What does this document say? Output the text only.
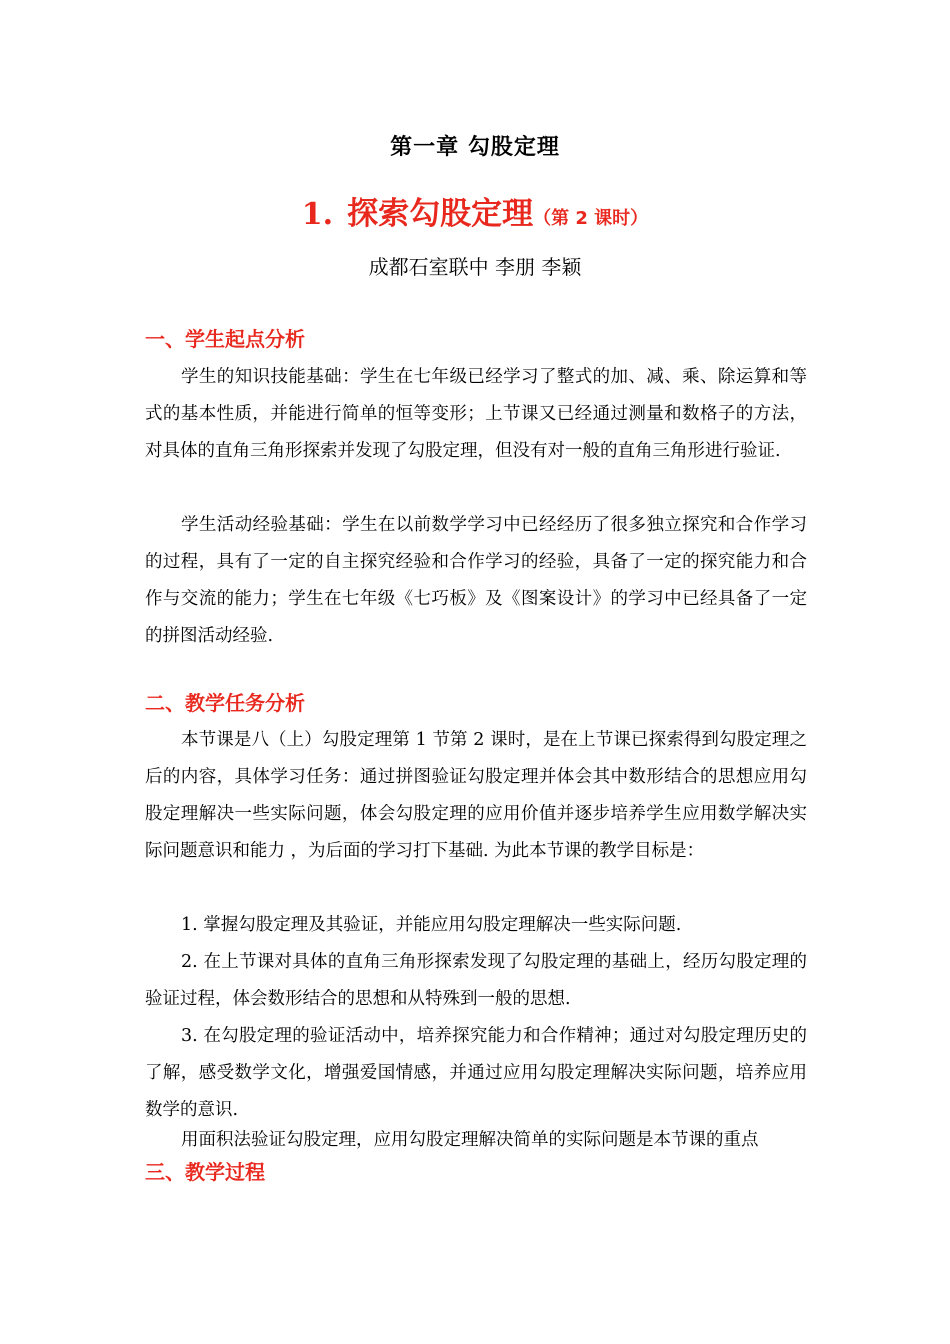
第一章 勾股定理
1. 探索勾股定理（第 2 课时）
成都石室联中 李朋 李颖
一、学生起点分析

学生的知识技能基础：学生在七年级已经学习了整式的加、减、乘、除运算和等式的基本性质，并能进行简单的恒等变形；上节课又已经通过测量和数格子的方法，对具体的直角三角形探索并发现了勾股定理，但没有对一般的直角三角形进行验证.

学生活动经验基础：学生在以前数学学习中已经经历了很多独立探究和合作学习的过程，具有了一定的自主探究经验和合作学习的经验，具备了一定的探究能力和合作与交流的能力；学生在七年级《七巧板》及《图案设计》的学习中已经具备了一定的拼图活动经验.

二、教学任务分析

本节课是八（上）勾股定理第 1 节第 2 课时，是在上节课已探索得到勾股定理之后的内容，具体学习任务：通过拼图验证勾股定理并体会其中数形结合的思想应用勾股定理解决一些实际问题，体会勾股定理的应用价值并逐步培养学生应用数学解决实际问题意识和能力 ，为后面的学习打下基础. 为此本节课的教学目标是：

1. 掌握勾股定理及其验证，并能应用勾股定理解决一些实际问题.

2. 在上节课对具体的直角三角形探索发现了勾股定理的基础上，经历勾股定理的验证过程，体会数形结合的思想和从特殊到一般的思想.

3. 在勾股定理的验证活动中，培养探究能力和合作精神；通过对勾股定理历史的了解，感受数学文化，增强爱国情感，并通过应用勾股定理解决实际问题，培养应用数学的意识.

用面积法验证勾股定理，应用勾股定理解决简单的实际问题是本节课的重点

三、教学过程
